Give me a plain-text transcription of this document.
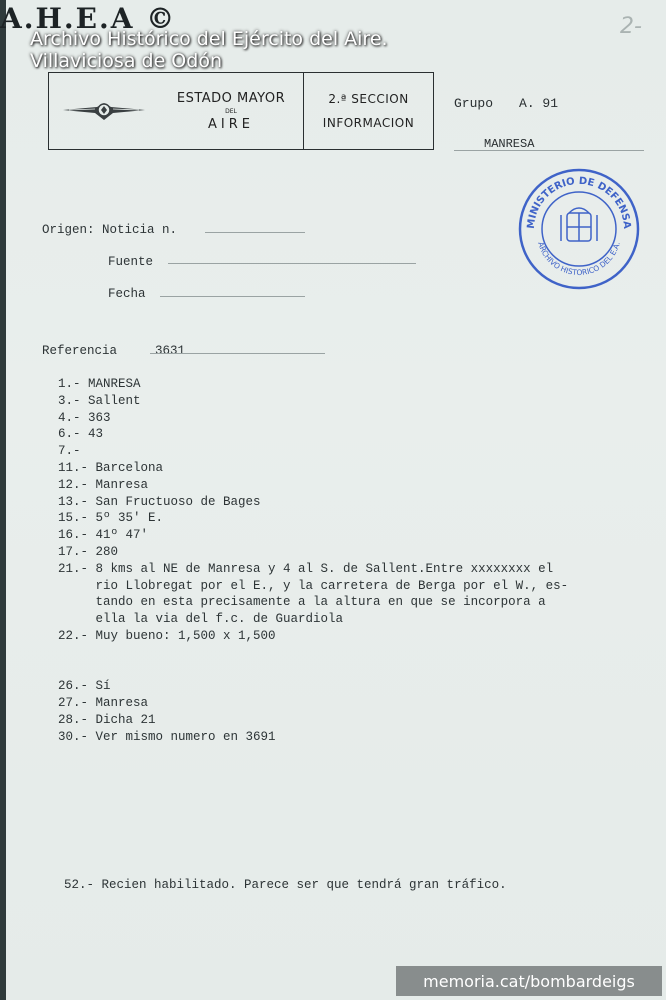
A.H.E.A ©	2-
Archivo Histórico del Ejército del Aire.
Villaviciosa de Odón
ESTADO MAYOR
DEL
AIRE
2.ª SECCION
INFORMACION
Grupo A. 91
MANRESA
MINISTERIO DE DEFENSA
ARCHIVO HISTORICO DEL E.A.
Origen: Noticia n.
Fuente
Fecha
Referencia	3631
1.- MANRESA
3.- Sallent
4.- 363
6.- 43
7.-
11.- Barcelona
12.- Manresa
13.- San Fructuoso de Bages
15.- 5º 35' E.
16.- 41º 47'
17.- 280
21.- 8 kms al NE de Manresa y 4 al S. de Sallent.Entre xxxxxxxx el
rio Llobregat por el E., y la carretera de Berga por el W., es-
tando en esta precisamente a la altura en que se incorpora a
ella la via del f.c. de Guardiola
22.- Muy bueno: 1,500 x 1,500

26.- Sí
27.- Manresa
28.- Dicha 21
30.- Ver mismo numero en 3691
52.- Recien habilitado. Parece ser que tendrá gran tráfico.
memoria.cat/bombardeigs
